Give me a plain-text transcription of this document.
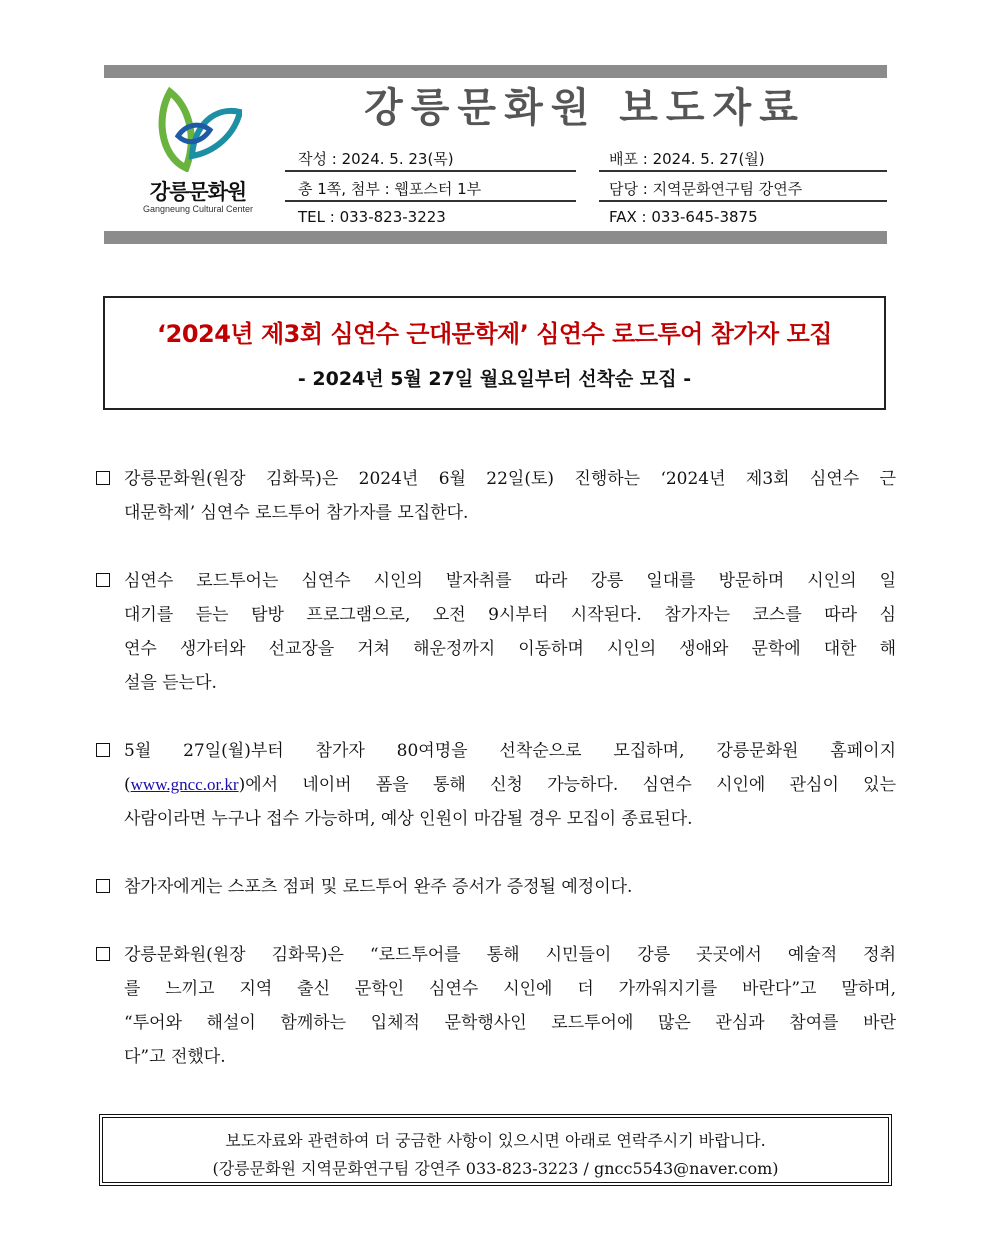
강릉문화원
Gangneung Cultural Center
강릉문화원 보도자료
작성 : 2024. 5. 23(목)	배포 : 2024. 5. 27(월)
총 1쪽, 첨부 : 웹포스터 1부	담당 : 지역문화연구팀 강연주
TEL : 033-823-3223	FAX : 033-645-3875
‘2024년 제3회 심연수 근대문학제’ 심연수 로드투어 참가자 모집
- 2024년 5월 27일 월요일부터 선착순 모집 -
강릉문화원(원장 김화묵)은 2024년 6월 22일(토) 진행하는 ‘2024년 제3회 심연수 근
대문학제’ 심연수 로드투어 참가자를 모집한다.
심연수 로드투어는 심연수 시인의 발자취를 따라 강릉 일대를 방문하며 시인의 일
대기를 듣는 탐방 프로그램으로, 오전 9시부터 시작된다. 참가자는 코스를 따라 심
연수 생가터와 선교장을 거쳐 해운정까지 이동하며 시인의 생애와 문학에 대한 해
설을 듣는다.
5월 27일(월)부터 참가자 80여명을 선착순으로 모집하며, 강릉문화원 홈페이지
(www.gncc.or.kr)에서 네이버 폼을 통해 신청 가능하다. 심연수 시인에 관심이 있는
사람이라면 누구나 접수 가능하며, 예상 인원이 마감될 경우 모집이 종료된다.
참가자에게는 스포츠 점퍼 및 로드투어 완주 증서가 증정될 예정이다.
강릉문화원(원장 김화묵)은 “로드투어를 통해 시민들이 강릉 곳곳에서 예술적 정취
를 느끼고 지역 출신 문학인 심연수 시인에 더 가까워지기를 바란다”고 말하며,
“투어와 해설이 함께하는 입체적 문학행사인 로드투어에 많은 관심과 참여를 바란
다”고 전했다.
보도자료와 관련하여 더 궁금한 사항이 있으시면 아래로 연락주시기 바랍니다.
(강릉문화원 지역문화연구팀 강연주 033-823-3223 / gncc5543@naver.com)
